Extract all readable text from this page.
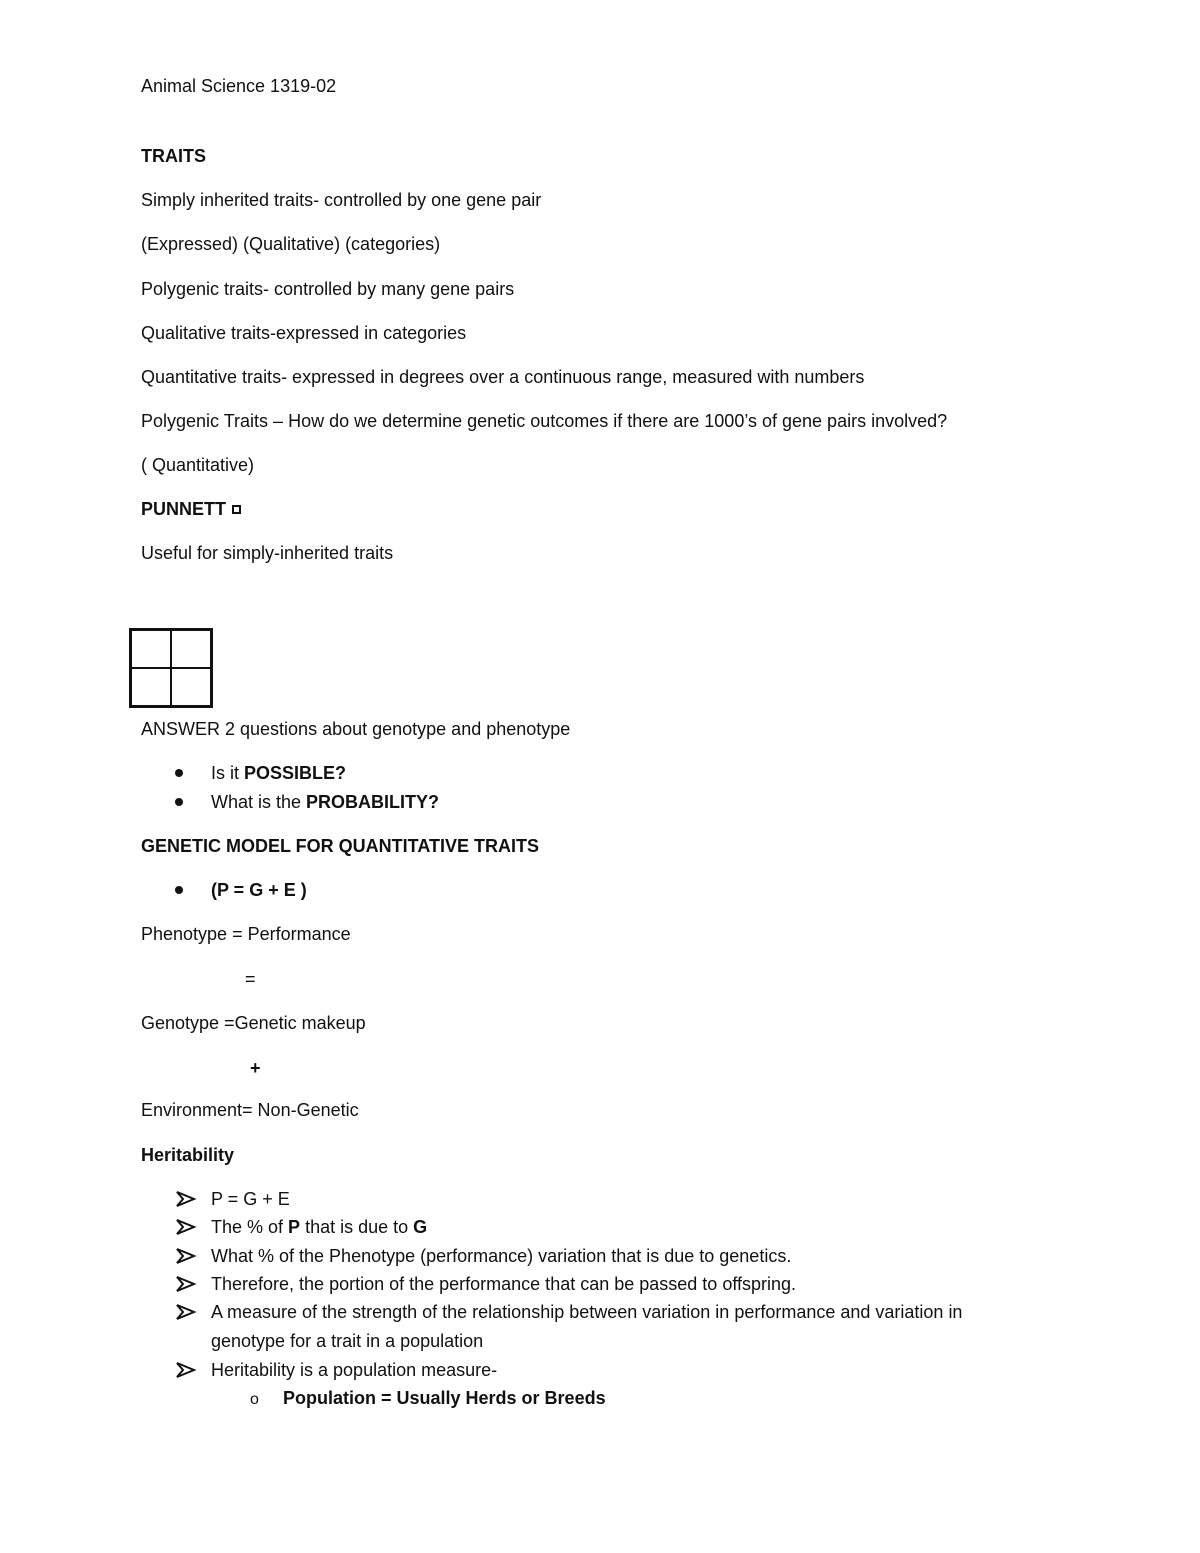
Animal Science 1319-02
TRAITS
Simply inherited traits- controlled by one gene pair
(Expressed) (Qualitative) (categories)
Polygenic traits- controlled by many gene pairs
Qualitative traits-expressed in categories
Quantitative traits- expressed in degrees over a continuous range, measured with numbers
Polygenic Traits – How do we determine genetic outcomes if there are 1000’s of gene pairs involved?
( Quantitative)
PUNNETT
Useful for simply-inherited traits
ANSWER 2 questions about genotype and phenotype
Is it POSSIBLE?
What is the PROBABILITY?
GENETIC MODEL FOR QUANTITATIVE TRAITS
(P = G + E )
Phenotype = Performance
=
Genotype =Genetic makeup
+
Environment= Non-Genetic
Heritability
P = G + E
The % of P that is due to G
What % of the Phenotype (performance) variation that is due to genetics.
Therefore, the portion of the performance that can be passed to offspring.
A measure of the strength of the relationship between variation in performance and variation in
genotype for a trait in a population
Heritability is a population measure-
o	Population = Usually Herds or Breeds
